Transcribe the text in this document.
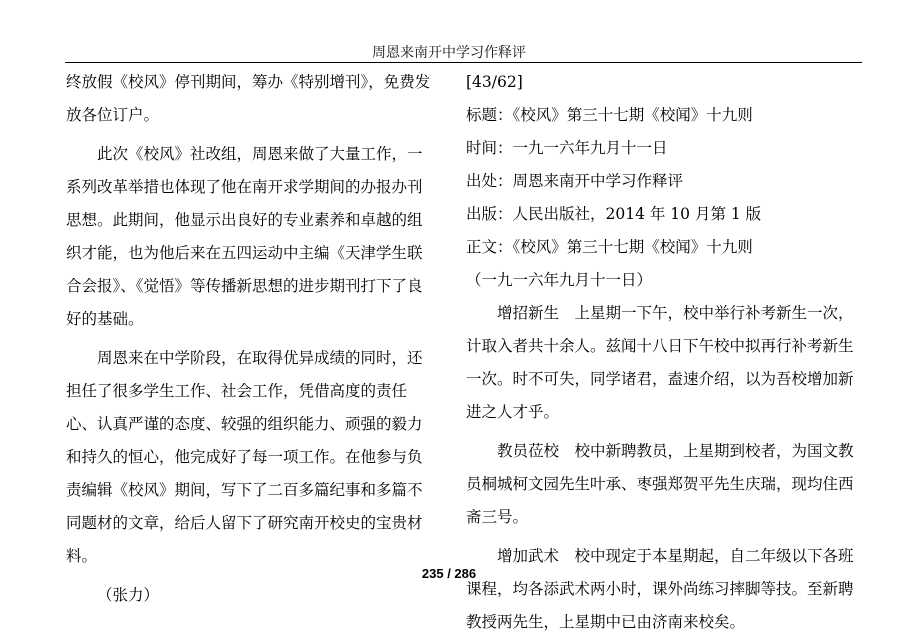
周恩来南开中学习作释评

终放假《校风》停刊期间，筹办《特别增刊》，免费发放各位订户。

此次《校风》社改组，周恩来做了大量工作，一系列改革举措也体现了他在南开求学期间的办报办刊思想。此期间，他显示出良好的专业素养和卓越的组织才能，也为他后来在五四运动中主编《天津学生联合会报》、《觉悟》等传播新思想的进步期刊打下了良好的基础。

周恩来在中学阶段，在取得优异成绩的同时，还担任了很多学生工作、社会工作，凭借高度的责任心、认真严谨的态度、较强的组织能力、顽强的毅力和持久的恒心，他完成好了每一项工作。在他参与负责编辑《校风》期间，写下了二百多篇纪事和多篇不同题材的文章，给后人留下了研究南开校史的宝贵材料。

（张力）

[43/62]

标题：《校风》第三十七期《校闻》十九则

时间：一九一六年九月十一日

出处：周恩来南开中学习作释评

出版：人民出版社，2014 年 10 月第 1 版

正文：《校风》第三十七期《校闻》十九则

（一九一六年九月十一日）

增招新生　上星期一下午，校中举行补考新生一次，计取入者共十余人。兹闻十八日下午校中拟再行补考新生一次。时不可失，同学诸君，盍速介绍，以为吾校增加新进之人才乎。

教员莅校　校中新聘教员，上星期到校者，为国文教员桐城柯文园先生叶承、枣强郑贺平先生庆瑞，现均住西斋三号。

增加武术　校中现定于本星期起，自二年级以下各班课程，均各添武术两小时，课外尚练习摔脚等技。至新聘教授两先生，上星期中已由济南来校矣。

235 / 286
